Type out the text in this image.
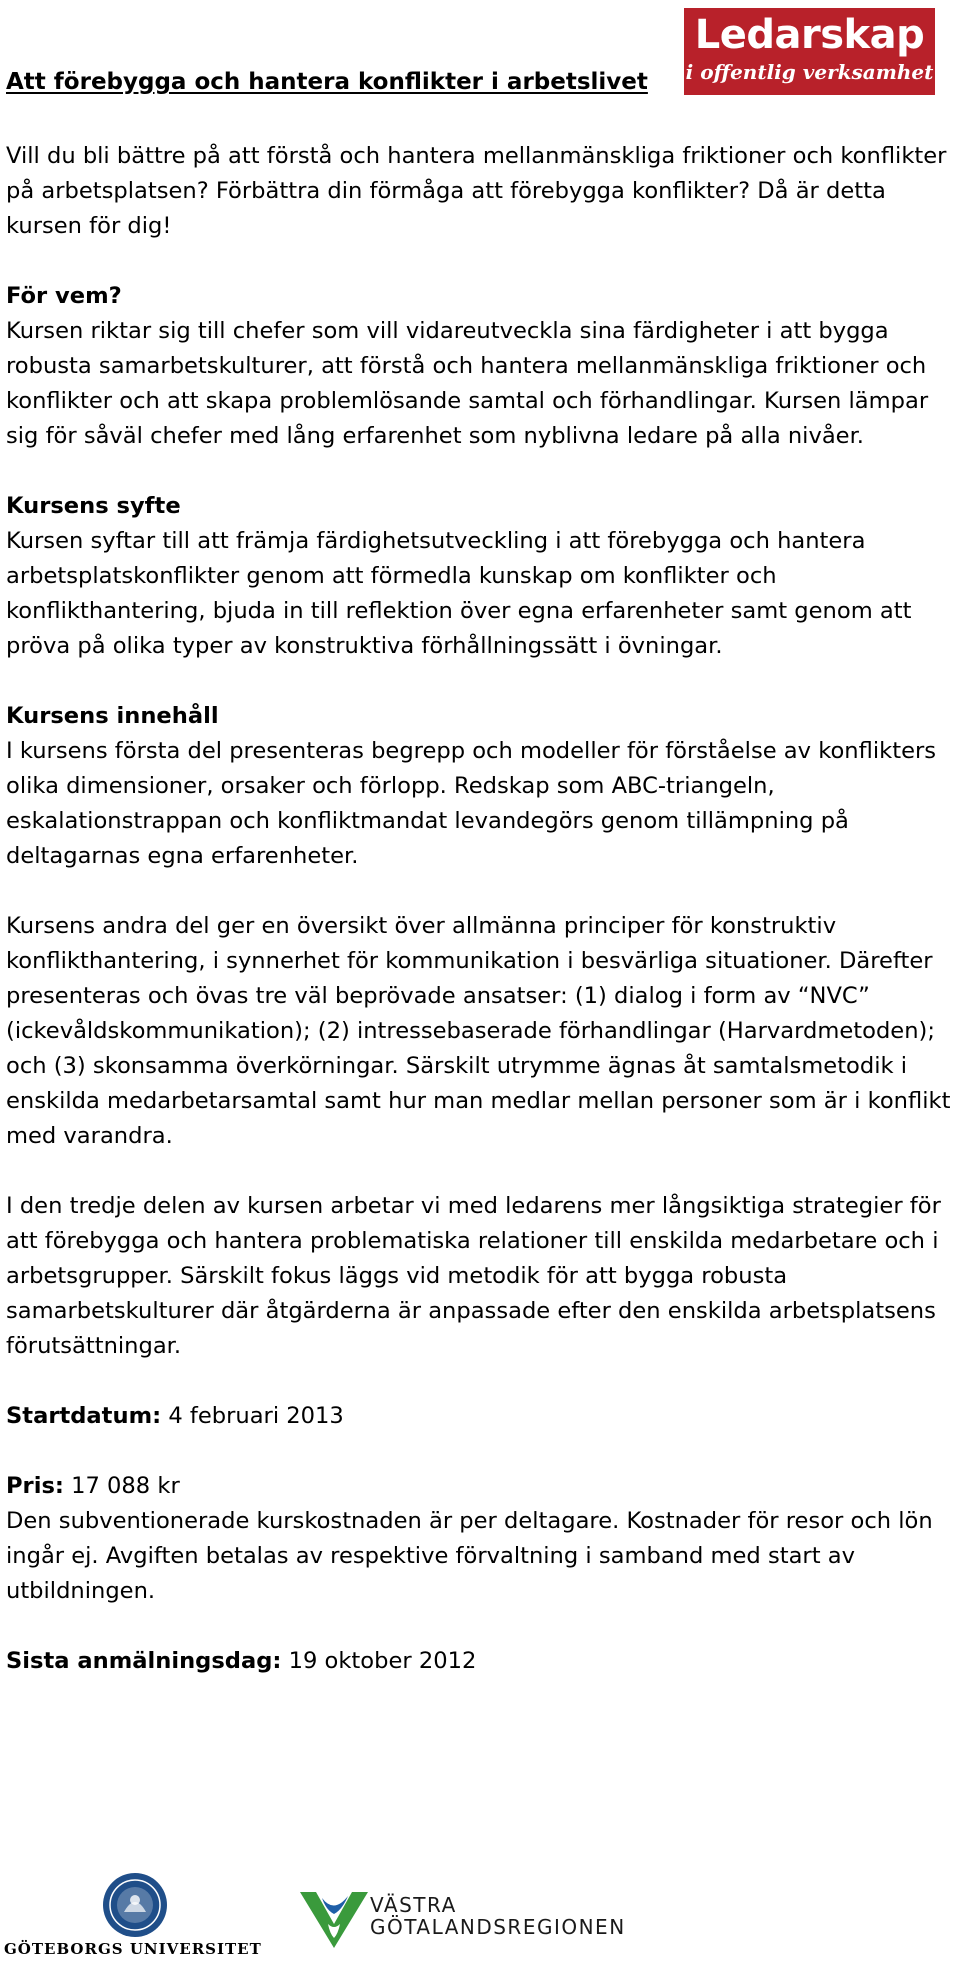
Att förebygga och hantera konflikter i arbetslivet
Ledarskap
i offentlig verksamhet

Vill du bli bättre på att förstå och hantera mellanmänskliga friktioner och konflikter på arbetsplatsen? Förbättra din förmåga att förebygga konflikter? Då är detta kursen för dig!

För vem?

Kursen riktar sig till chefer som vill vidareutveckla sina färdigheter i att bygga robusta samarbetskulturer, att förstå och hantera mellanmänskliga friktioner och konflikter och att skapa problemlösande samtal och förhandlingar. Kursen lämpar sig för såväl chefer med lång erfarenhet som nyblivna ledare på alla nivåer.

Kursens syfte

Kursen syftar till att främja färdighetsutveckling i att förebygga och hantera arbetsplatskonflikter genom att förmedla kunskap om konflikter och konflikthantering, bjuda in till reflektion över egna erfarenheter samt genom att pröva på olika typer av konstruktiva förhållningssätt i övningar.

Kursens innehåll

I kursens första del presenteras begrepp och modeller för förståelse av konflikters olika dimensioner, orsaker och förlopp. Redskap som ABC-triangeln, eskalationstrappan och konfliktmandat levandegörs genom tillämpning på deltagarnas egna erfarenheter.

Kursens andra del ger en översikt över allmänna principer för konstruktiv konflikthantering, i synnerhet för kommunikation i besvärliga situationer. Därefter presenteras och övas tre väl beprövade ansatser: (1) dialog i form av “NVC” (ickevåldskommunikation); (2) intressebaserade förhandlingar (Harvardmetoden); och (3) skonsamma överkörningar. Särskilt utrymme ägnas åt samtalsmetodik i enskilda medarbetarsamtal samt hur man medlar mellan personer som är i konflikt med varandra.

I den tredje delen av kursen arbetar vi med ledarens mer långsiktiga strategier för att förebygga och hantera problematiska relationer till enskilda medarbetare och i arbetsgrupper. Särskilt fokus läggs vid metodik för att bygga robusta samarbetskulturer där åtgärderna är anpassade efter den enskilda arbetsplatsens förutsättningar.

Startdatum: 4 februari 2013

Pris: 17 088 kr

Den subventionerade kurskostnaden är per deltagare. Kostnader för resor och lön ingår ej. Avgiften betalas av respektive förvaltning i samband med start av utbildningen.

Sista anmälningsdag: 19 oktober 2012

GÖTEBORGS UNIVERSITET
VÄSTRA
GÖTALANDSREGIONEN
